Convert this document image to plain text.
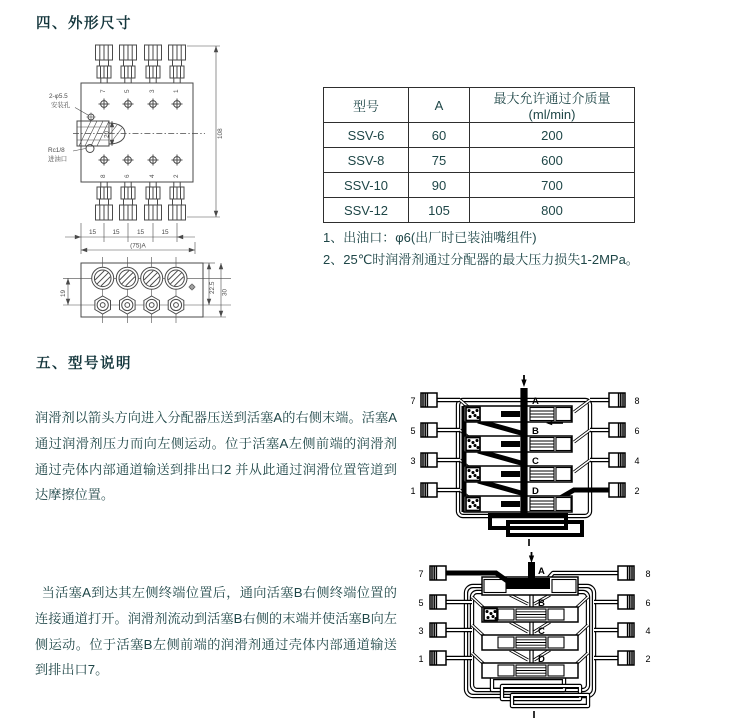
四、外形尺寸
7	5	3	1
8	6	4	2
20
2-φ5.5
安装孔
Rc1/8
进油口
108
15	15	15	15
(75)A
19	22.5 30
型号	A	最大允许通过介质量(ml/min)
SSV-6	60	200
SSV-8	75	600
SSV-10	90	700
SSV-12	105	800
1、出油口：φ6(出厂时已装油嘴组件)
2、25℃时润滑剂通过分配器的最大压力损失1-2MPa。
五、型号说明

润滑剂以箭头方向进入分配器压送到活塞A的右侧末端。活塞A通过润滑剂压力而向左侧运动。位于活塞A左侧前端的润滑剂通过壳体内部通道输送到排出口2 并从此通过润滑位置管道到达摩擦位置。

当活塞A到达其左侧终端位置后，通向活塞B右侧终端位置的连接通道打开。润滑剂流动到活塞B右侧的末端并使活塞B向左侧运动。位于活塞B左侧前端的润滑剂通过壳体内部通道输送到排出口7。

A
B
C
D
7
5
3
1
8
6
4
2
A
B
C
D
7
5
3
1
8
6
4
2
